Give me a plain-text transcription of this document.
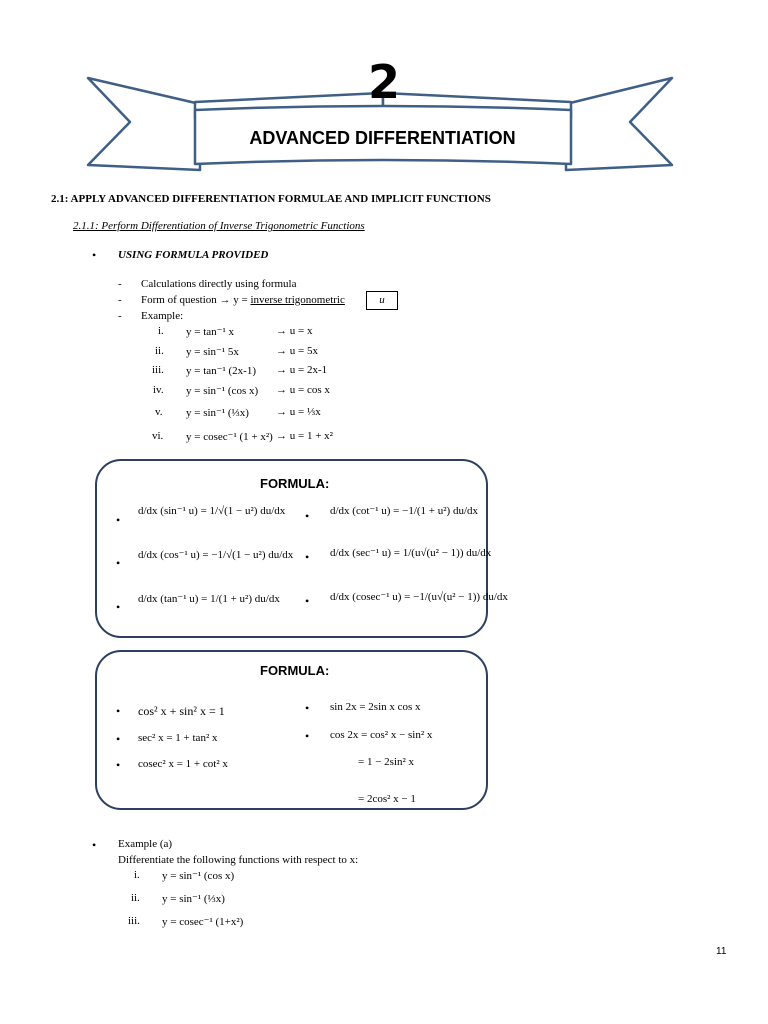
2
ADVANCED DIFFERENTIATION
2.1: APPLY ADVANCED DIFFERENTIATION FORMULAE AND IMPLICIT FUNCTIONS
2.1.1: Perform Differentiation of Inverse Trigonometric Functions
• USING FORMULA PROVIDED
- Calculations directly using formula
- Form of question → y = inverse trigonometric	u
- Example:
i. y = tan⁻¹ x	→ u = x
ii. y = sin⁻¹ 5x	→ u = 5x
iii. y = tan⁻¹ (2x-1) → u = 2x-1
iv. y = sin⁻¹ (cos x) → u = cos x
v. y = sin⁻¹ (⅓x) → u = ⅓x
vi. y = cosec⁻¹ (1 + x²) → u = 1 + x²
FORMULA:
•
d/dx (sin⁻¹ u) = 1/√(1 − u²) du/dx
•
d/dx (cos⁻¹ u) = −1/√(1 − u²) du/dx
•
d/dx (tan⁻¹ u) = 1/(1 + u²) du/dx
• d/dx (cot⁻¹ u) = −1/(1 + u²) du/dx
• d/dx (sec⁻¹ u) = 1/(u√(u² − 1)) du/dx
• d/dx (cosec⁻¹ u) = −1/(u√(u² − 1)) du/dx
FORMULA:
• cos² x + sin² x = 1
• sec² x = 1 + tan² x
• cosec² x = 1 + cot² x
• sin 2x = 2sin x cos x
• cos 2x = cos² x − sin² x
= 1 − 2sin² x
= 2cos² x − 1
• Example (a)
Differentiate the following functions with respect to x:
i. y = sin⁻¹ (cos x)
ii. y = sin⁻¹ (⅓x)
iii. y = cosec⁻¹ (1+x²)
11
